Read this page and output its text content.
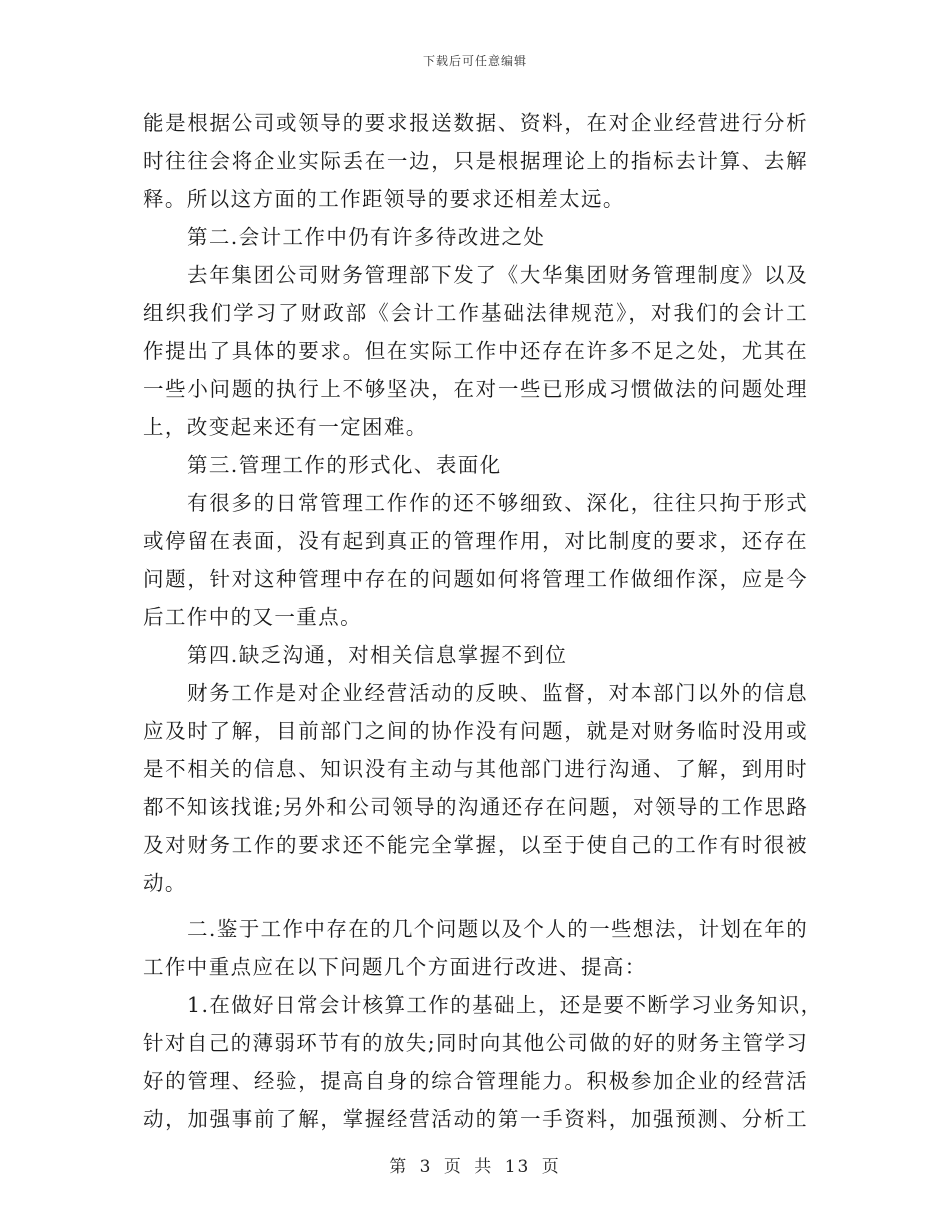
下载后可任意编辑
能是根据公司或领导的要求报送数据、资料，在对企业经营进行分析
时往往会将企业实际丢在一边，只是根据理论上的指标去计算、去解
释。所以这方面的工作距领导的要求还相差太远。
第二.会计工作中仍有许多待改进之处
去年集团公司财务管理部下发了《大华集团财务管理制度》以及
组织我们学习了财政部《会计工作基础法律规范》，对我们的会计工
作提出了具体的要求。但在实际工作中还存在许多不足之处，尤其在
一些小问题的执行上不够坚决，在对一些已形成习惯做法的问题处理
上，改变起来还有一定困难。
第三.管理工作的形式化、表面化
有很多的日常管理工作作的还不够细致、深化，往往只拘于形式
或停留在表面，没有起到真正的管理作用，对比制度的要求，还存在
问题，针对这种管理中存在的问题如何将管理工作做细作深，应是今
后工作中的又一重点。
第四.缺乏沟通，对相关信息掌握不到位
财务工作是对企业经营活动的反映、监督，对本部门以外的信息
应及时了解，目前部门之间的协作没有问题，就是对财务临时没用或
是不相关的信息、知识没有主动与其他部门进行沟通、了解，到用时
都不知该找谁;另外和公司领导的沟通还存在问题，对领导的工作思路
及对财务工作的要求还不能完全掌握，以至于使自己的工作有时很被
动。
二.鉴于工作中存在的几个问题以及个人的一些想法，计划在年的
工作中重点应在以下问题几个方面进行改进、提高：
1.在做好日常会计核算工作的基础上，还是要不断学习业务知识，
针对自己的薄弱环节有的放失;同时向其他公司做的好的财务主管学习
好的管理、经验，提高自身的综合管理能力。积极参加企业的经营活
动，加强事前了解，掌握经营活动的第一手资料，加强预测、分析工
第 3 页 共 13 页
